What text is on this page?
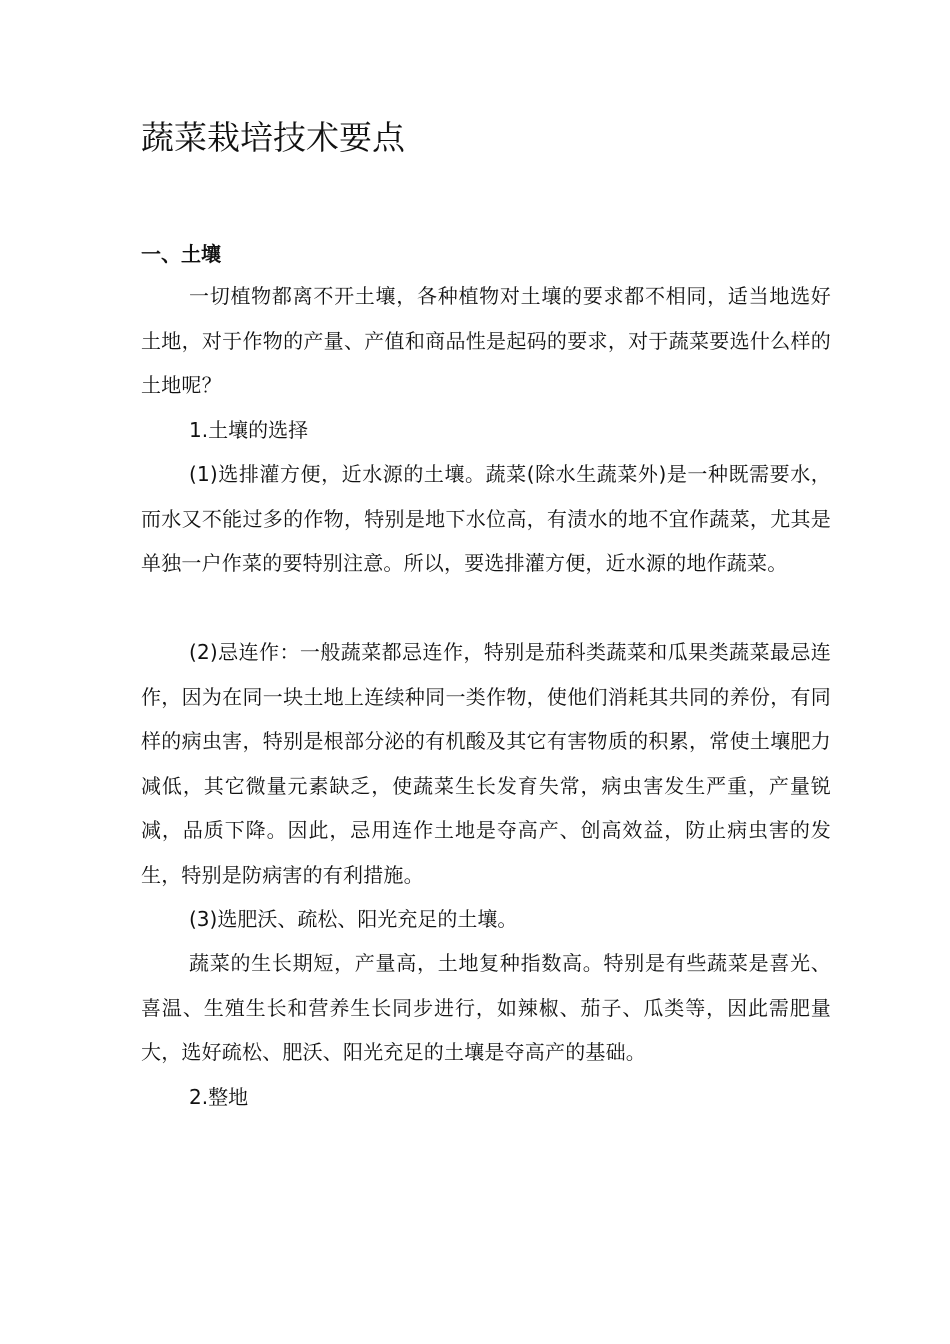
蔬菜栽培技术要点
一、土壤

一切植物都离不开土壤，各种植物对土壤的要求都不相同，适当地选好土地，对于作物的产量、产值和商品性是起码的要求，对于蔬菜要选什么样的土地呢？

1.土壤的选择

(1)选排灌方便，近水源的土壤。蔬菜(除水生蔬菜外)是一种既需要水，而水又不能过多的作物，特别是地下水位高，有渍水的地不宜作蔬菜，尤其是单独一户作菜的要特别注意。所以，要选排灌方便，近水源的地作蔬菜。

(2)忌连作：一般蔬菜都忌连作，特别是茄科类蔬菜和瓜果类蔬菜最忌连作，因为在同一块土地上连续种同一类作物，使他们消耗其共同的养份，有同样的病虫害，特别是根部分泌的有机酸及其它有害物质的积累，常使土壤肥力减低，其它微量元素缺乏，使蔬菜生长发育失常，病虫害发生严重，产量锐减，品质下降。因此，忌用连作土地是夺高产、创高效益，防止病虫害的发生，特别是防病害的有利措施。

(3)选肥沃、疏松、阳光充足的土壤。

蔬菜的生长期短，产量高，土地复种指数高。特别是有些蔬菜是喜光、喜温、生殖生长和营养生长同步进行，如辣椒、茄子、瓜类等，因此需肥量大，选好疏松、肥沃、阳光充足的土壤是夺高产的基础。

2.整地
